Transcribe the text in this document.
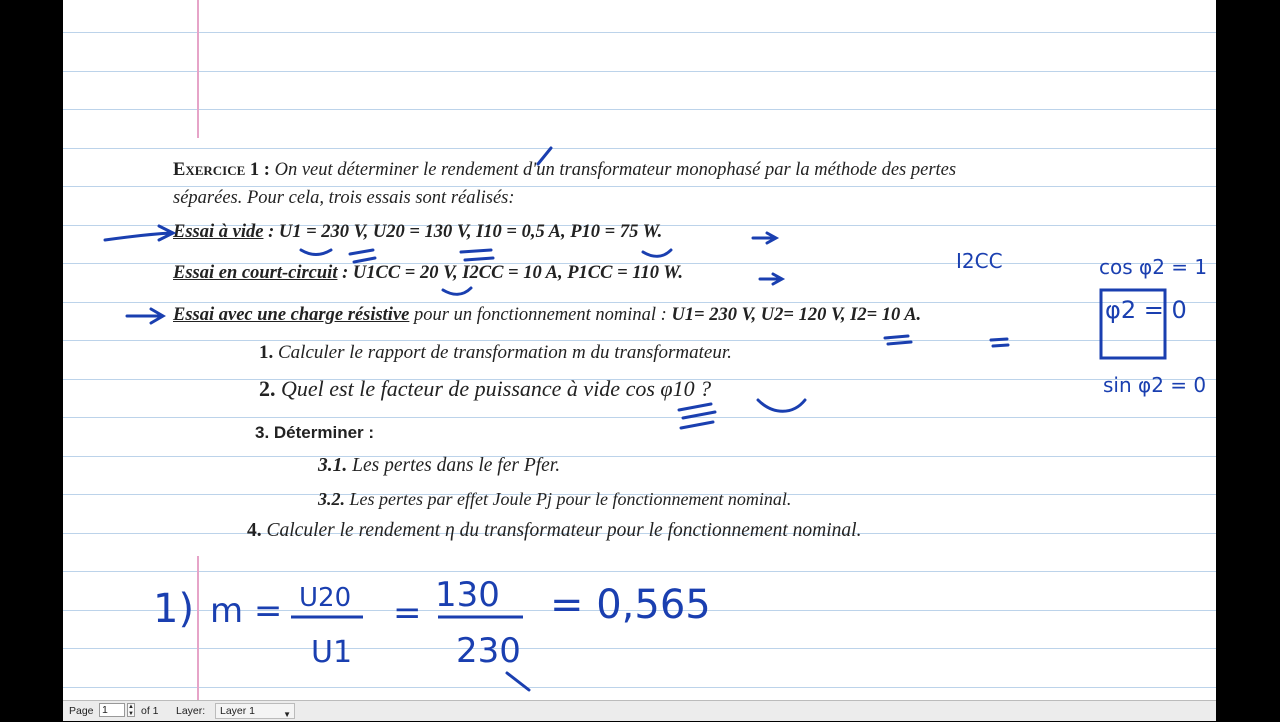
Exercice 1 : On veut déterminer le rendement d'un transformateur monophasé par la méthode des pertes
séparées. Pour cela, trois essais sont réalisés:
Essai à vide : U1 = 230 V, U20 = 130 V, I10 = 0,5 A, P10 = 75 W.
Essai en court-circuit : U1CC = 20 V, I2CC = 10 A, P1CC = 110 W.
Essai avec une charge résistive pour un fonctionnement nominal : U1= 230 V, U2= 120 V, I2= 10 A.
1. Calculer le rapport de transformation m du transformateur.
2. Quel est le facteur de puissance à vide cos φ10 ?
3. Déterminer :
3.1. Les pertes dans le fer Pfer.
3.2. Les pertes par effet Joule Pj pour le fonctionnement nominal.
4. Calculer le rendement η du transformateur pour le fonctionnement nominal.
1) m = U20
U1
= 130
230
= 0,565
I2CC	cos φ2 = 1
φ2 = 0
sin φ2 = 0
Page 1	▲
▼ of 1 Layer:	Layer 1	▼
